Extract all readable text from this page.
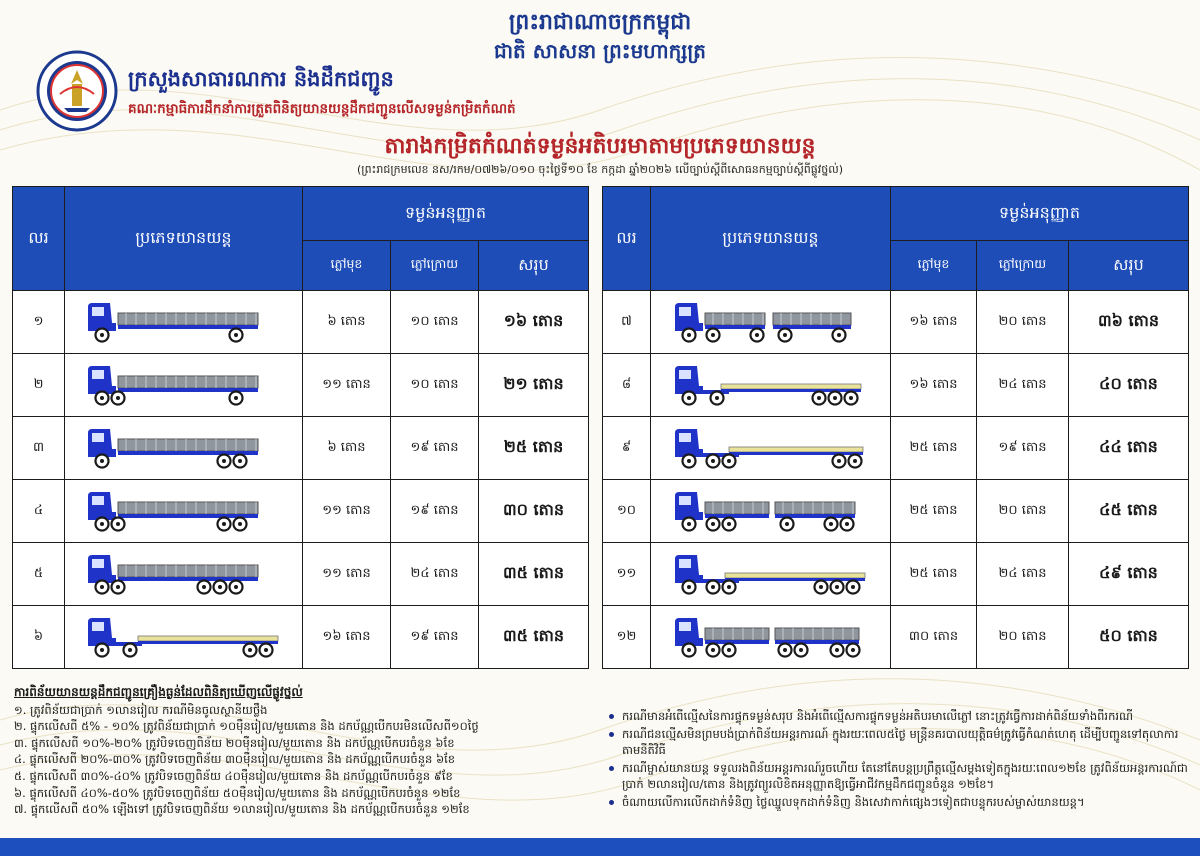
ព្រះរាជាណាចក្រកម្ពុជា
ជាតិ សាសនា ព្រះមហាក្សត្រ
ក្រសួងសាធារណការ និងដឹកជញ្ជូន
គណៈកម្មាធិការដឹកនាំការត្រួតពិនិត្យយានយន្តដឹកជញ្ជូនលើសទម្ងន់កម្រិតកំណត់
តារាងកម្រិតកំណត់ទម្ងន់អតិបរមាតាមប្រភេទយានយន្ត
(ព្រះរាជក្រមលេខ នស/រកម/០៧២៦/០១០ ចុះថ្ងៃទី១០ ខែ កក្កដា ឆ្នាំ២០២៦ លើច្បាប់ស្តីពីសោធនកម្មច្បាប់ស្តីពីផ្លូវថ្នល់)
លរ	ប្រភេទយានយន្ត	ទម្ងន់អនុញ្ញាត		
		ភ្លៅមុខ	ភ្លៅក្រោយ	សរុប
១		៦ តោន	១០ តោន	១៦ តោន
២		១១ តោន	១០ តោន	២១ តោន
៣		៦ តោន	១៩ តោន	២៥ តោន
៤		១១ តោន	១៩ តោន	៣០ តោន
៥		១១ តោន	២៤ តោន	៣៥ តោន
៦		១៦ តោន	១៩ តោន	៣៥ តោន
លរ	ប្រភេទយានយន្ត	ទម្ងន់អនុញ្ញាត		
		ភ្លៅមុខ	ភ្លៅក្រោយ	សរុប
៧		១៦ តោន	២០ តោន	៣៦ តោន
៨		១៦ តោន	២៤ តោន	៤០ តោន
៩		២៥ តោន	១៩ តោន	៤៤ តោន
១០		២៥ តោន	២០ តោន	៤៥ តោន
១១		២៥ តោន	២៤ តោន	៤៩ តោន
១២		៣០ តោន	២០ តោន	៥០ តោន
ការពិន័យយានយន្តដឹកជញ្ជូនគ្រឿងធ្ងន់ដែលពិនិត្យឃើញលើផ្លូវថ្នល់
១. ត្រូវពិន័យជាប្រាក់ ១លានរៀល ករណីមិនចូលស្ថានីយថ្លឹង
២. ផ្ទុកលើសពី ៥% - ១០% ត្រូវពិន័យជាប្រាក់ ១០ម៉ឺនរៀល/មួយតោន និង ដកប័ណ្ណបើកបរមិនលើសពី១០ថ្ងៃ
៣. ផ្ទុកលើសពី ១០%-២០% ត្រូវបិទចេញពិន័យ ២០ម៉ឺនរៀល/មួយតោន និង ដកប័ណ្ណបើកបរចំនួន ៦ខែ
៤. ផ្ទុកលើសពី ២០%-៣០% ត្រូវបិទចេញពិន័យ ៣០ម៉ឺនរៀល/មួយតោន និង ដកប័ណ្ណបើកបរចំនួន ៦ខែ
៥. ផ្ទុកលើសពី ៣០%-៤០% ត្រូវបិទចេញពិន័យ ៤០ម៉ឺនរៀល/មួយតោន និង ដកប័ណ្ណបើកបរចំនួន ៩ខែ
៦. ផ្ទុកលើសពី ៤០%-៥០% ត្រូវបិទចេញពិន័យ ៥០ម៉ឺនរៀល/មួយតោន និង ដកប័ណ្ណបើកបរចំនួន ១២ខែ
៧. ផ្ទុកលើសពី ៥០% ឡើងទៅ ត្រូវបិទចេញពិន័យ ១លានរៀល/មួយតោន និង ដកប័ណ្ណបើកបរចំនួន ១២ខែ
ករណីមានអំពើល្មើសនៃការផ្ទុកទម្ងន់សរុប និងអំពើល្មើសការផ្ទុកទម្ងន់អតិបរមាលើភ្លៅ នោះត្រូវធ្វើការដាក់ពិន័យទាំងពីរករណី
ករណីជនល្មើសមិនព្រមបង់ប្រាក់ពិន័យអន្តរការណ៍ ក្នុងរយៈពេល៥ថ្ងៃ មន្ត្រីនគរបាលយុត្តិធម៌ត្រូវធ្វើកំណត់ហេតុ ដើម្បីបញ្ជូនទៅតុលាការតាមនីតិវិធី
ករណីម្ចាស់យានយន្ត ទទួលរងពិន័យអន្តរការណ៍រួចហើយ តែនៅតែបន្តប្រព្រឹត្តល្មើសម្តងទៀតក្នុងរយៈពេល១២ខែ ត្រូវពិន័យអន្តរការណ៍ជាប្រាក់ ២លានរៀល/តោន និងត្រូវព្យួរលិខិតអនុញ្ញាតឱ្យធ្វើអាជីវកម្មដឹកជញ្ជូនចំនួន ១២ខែ។
ចំណាយលើការលើកដាក់ទំនិញ ថ្លៃឈ្នួលទុកដាក់ទំនិញ និងសេវាកាក់ផ្សេងៗទៀតជាបន្ទុករបស់ម្ចាស់យានយន្ត។
